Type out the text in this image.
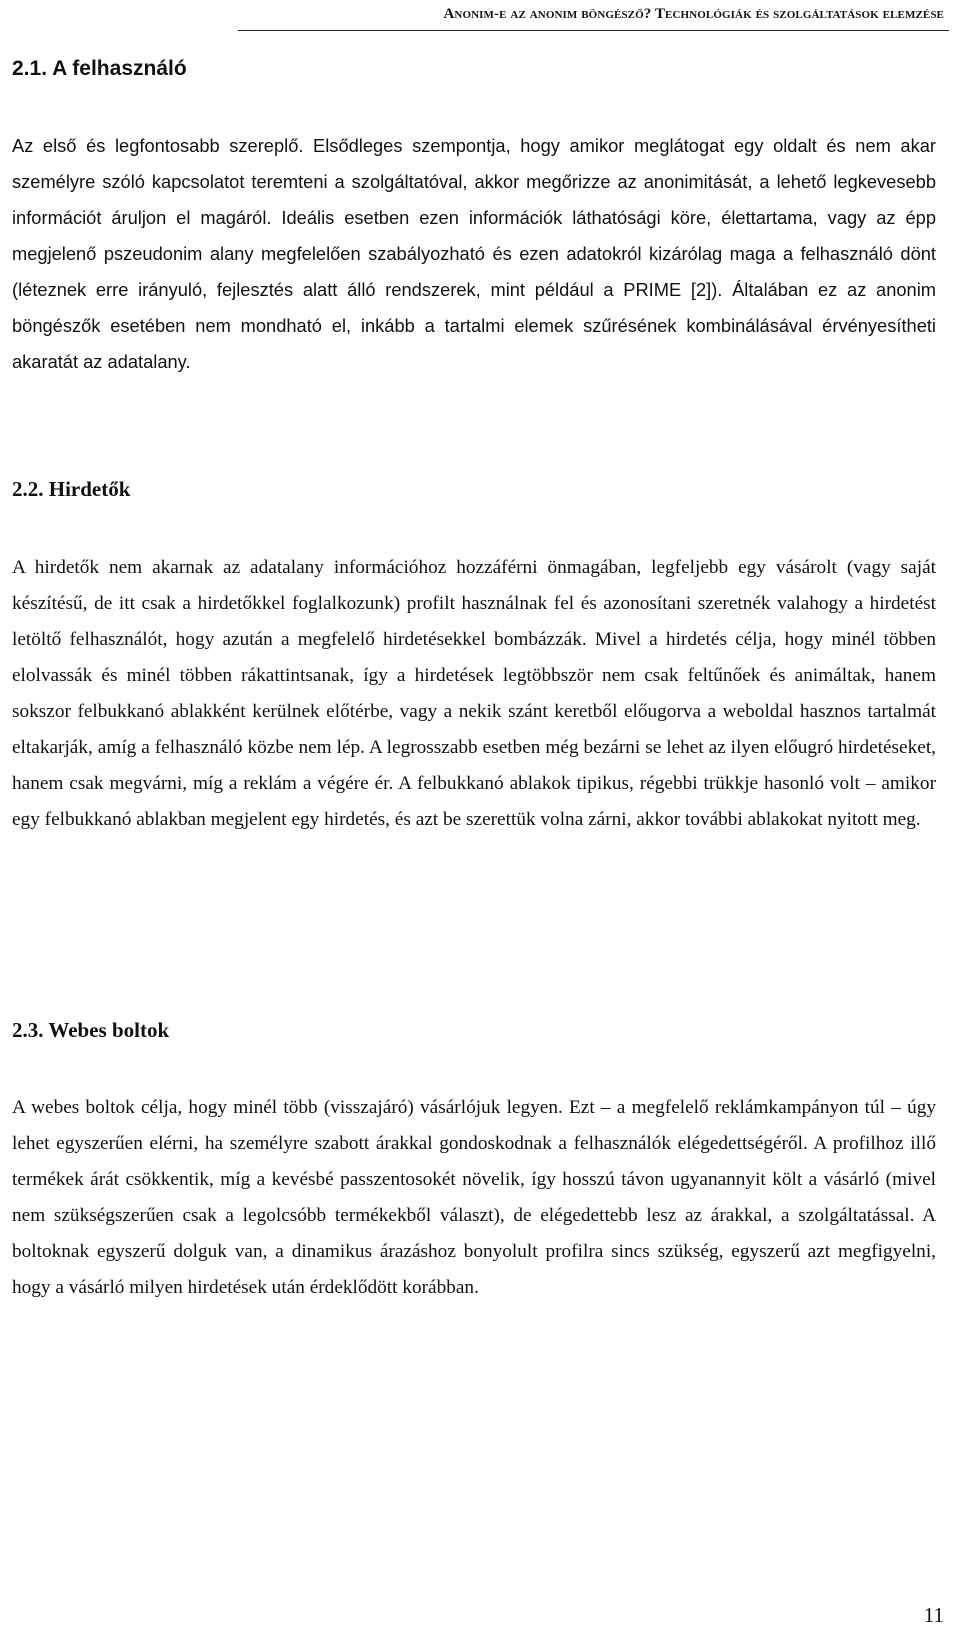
Anonim-e az anonim böngésző? Technológiák és szolgáltatások elemzése
2.1. A felhasználó

Az első és legfontosabb szereplő. Elsődleges szempontja, hogy amikor meglátogat egy oldalt és nem akar személyre szóló kapcsolatot teremteni a szolgáltatóval, akkor megőrizze az anonimitását, a lehető legkevesebb információt áruljon el magáról. Ideális esetben ezen információk láthatósági köre, élettartama, vagy az épp megjelenő pszeudonim alany megfelelően szabályozható és ezen adatokról kizárólag maga a felhasználó dönt (léteznek erre irányuló, fejlesztés alatt álló rendszerek, mint például a PRIME [2]). Általában ez az anonim böngészők esetében nem mondható el, inkább a tartalmi elemek szűrésének kombinálásával érvényesítheti akaratát az adatalany.

2.2. Hirdetők

A hirdetők nem akarnak az adatalany információhoz hozzáférni önmagában, legfeljebb egy vásárolt (vagy saját készítésű, de itt csak a hirdetőkkel foglalkozunk) profilt használnak fel és azonosítani szeretnék valahogy a hirdetést letöltő felhasználót, hogy azután a megfelelő hirdetésekkel bombázzák. Mivel a hirdetés célja, hogy minél többen elolvassák és minél többen rákattintsanak, így a hirdetések legtöbbször nem csak feltűnőek és animáltak, hanem sokszor felbukkanó ablakként kerülnek előtérbe, vagy a nekik szánt keretből előugorva a weboldal hasznos tartalmát eltakarják, amíg a felhasználó közbe nem lép. A legrosszabb esetben még bezárni se lehet az ilyen előugró hirdetéseket, hanem csak megvárni, míg a reklám a végére ér. A felbukkanó ablakok tipikus, régebbi trükkje hasonló volt – amikor egy felbukkanó ablakban megjelent egy hirdetés, és azt be szerettük volna zárni, akkor további ablakokat nyitott meg.

2.3. Webes boltok

A webes boltok célja, hogy minél több (visszajáró) vásárlójuk legyen. Ezt – a megfelelő reklámkampányon túl – úgy lehet egyszerűen elérni, ha személyre szabott árakkal gondoskodnak a felhasználók elégedettségéről. A profilhoz illő termékek árát csökkentik, míg a kevésbé passzentosokét növelik, így hosszú távon ugyanannyit költ a vásárló (mivel nem szükségszerűen csak a legolcsóbb termékekből választ), de elégedettebb lesz az árakkal, a szolgáltatással. A boltoknak egyszerű dolguk van, a dinamikus árazáshoz bonyolult profilra sincs szükség, egyszerű azt megfigyelni, hogy a vásárló milyen hirdetések után érdeklődött korábban.

11
